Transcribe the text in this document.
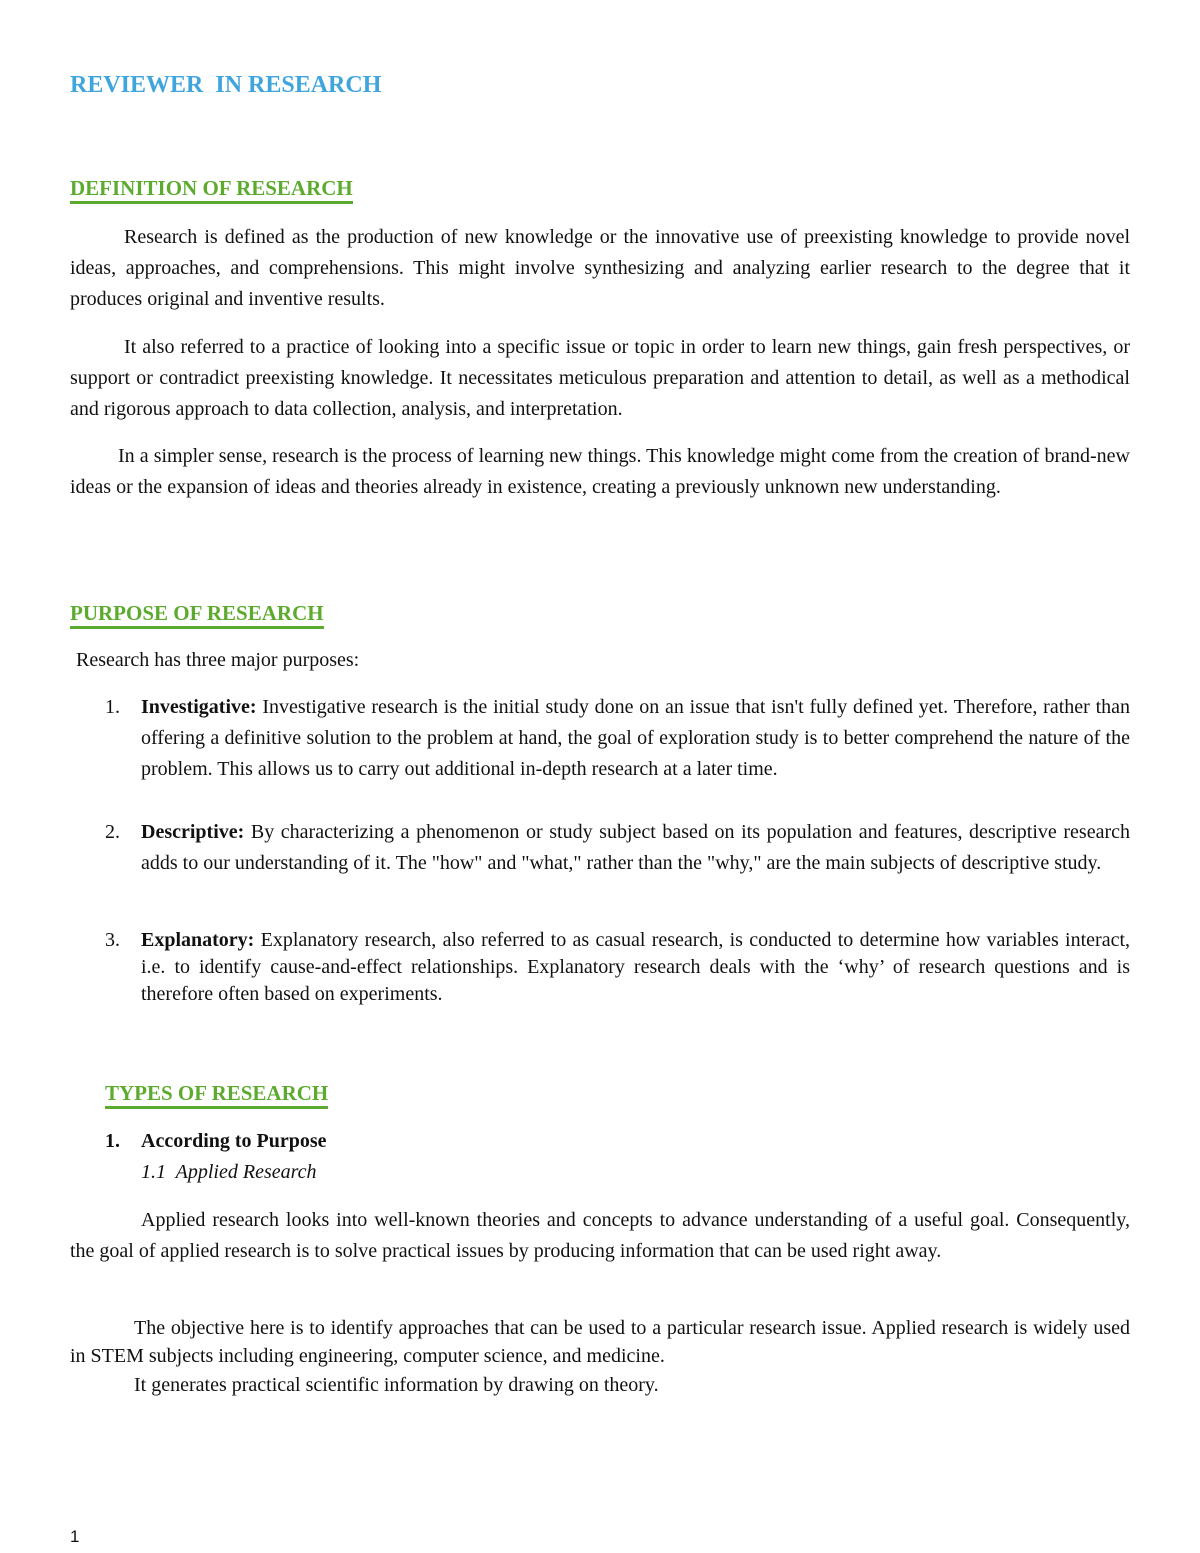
REVIEWER  IN RESEARCH
DEFINITION OF RESEARCH

Research is defined as the production of new knowledge or the innovative use of preexisting knowledge to provide novel ideas, approaches, and comprehensions. This might involve synthesizing and analyzing earlier research to the degree that it produces original and inventive results.

It also referred to a practice of looking into a specific issue or topic in order to learn new things, gain fresh perspectives, or support or contradict preexisting knowledge. It necessitates meticulous preparation and attention to detail, as well as a methodical and rigorous approach to data collection, analysis, and interpretation.

In a simpler sense, research is the process of learning new things. This knowledge might come from the creation of brand-new ideas or the expansion of ideas and theories already in existence, creating a previously unknown new understanding.

PURPOSE OF RESEARCH

Research has three major purposes:

1. Investigative: Investigative research is the initial study done on an issue that isn't fully defined yet. Therefore, rather than offering a definitive solution to the problem at hand, the goal of exploration study is to better comprehend the nature of the problem. This allows us to carry out additional in-depth research at a later time.
2. Descriptive: By characterizing a phenomenon or study subject based on its population and features, descriptive research adds to our understanding of it. The "how" and "what," rather than the "why," are the main subjects of descriptive study.
3. Explanatory: Explanatory research, also referred to as casual research, is conducted to determine how variables interact, i.e. to identify cause-and-effect relationships. Explanatory research deals with the ‘why’ of research questions and is therefore often based on experiments.
TYPES OF RESEARCH
1. According to Purpose
1.1  Applied Research

Applied research looks into well-known theories and concepts to advance understanding of a useful goal. Consequently, the goal of applied research is to solve practical issues by producing information that can be used right away.

The objective here is to identify approaches that can be used to a particular research issue. Applied research is widely used in STEM subjects including engineering, computer science, and medicine.

It generates practical scientific information by drawing on theory.

1
